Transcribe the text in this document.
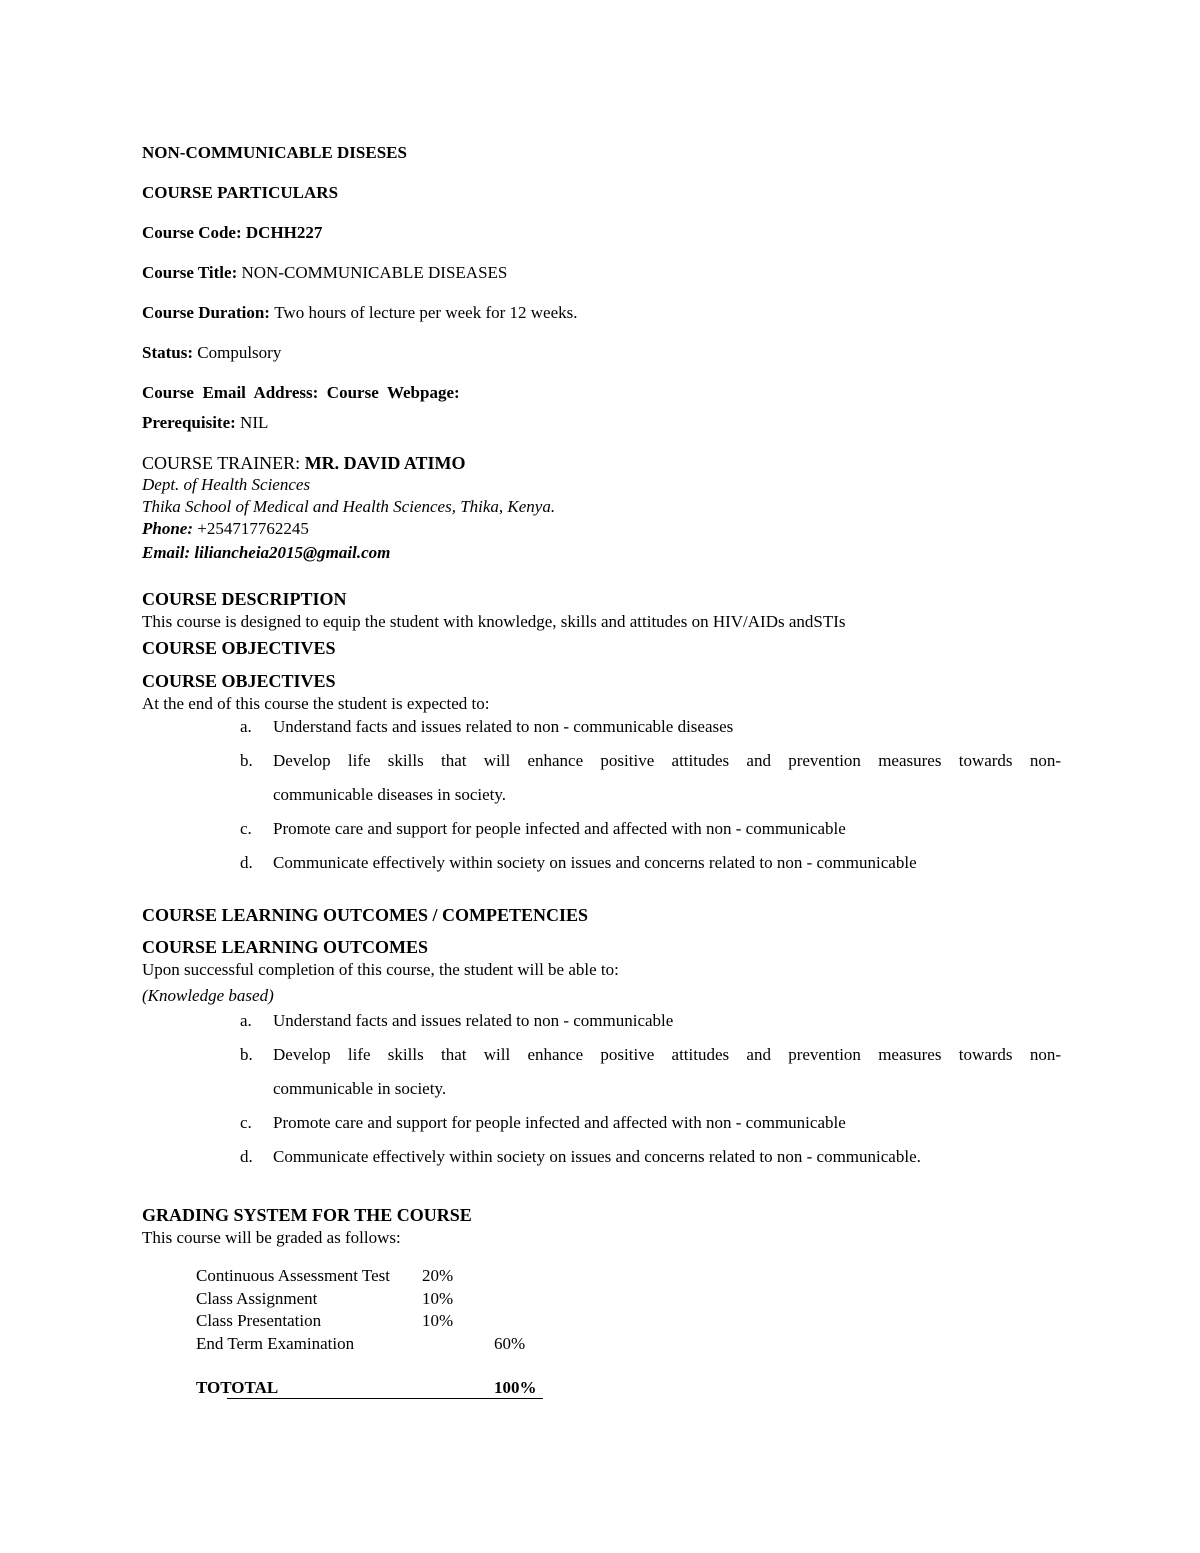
NON-COMMUNICABLE DISESES
COURSE PARTICULARS
Course Code: DCHH227
Course Title: NON-COMMUNICABLE DISEASES
Course Duration: Two hours of lecture per week for 12 weeks.
Status: Compulsory
Course  Email  Address:  Course  Webpage:
Prerequisite: NIL
COURSE TRAINER: MR. DAVID ATIMO
Dept. of Health Sciences
Thika School of Medical and Health Sciences, Thika, Kenya.
Phone: +254717762245
Email: liliancheia2015@gmail.com
COURSE DESCRIPTION
This course is designed to equip the student with knowledge, skills and attitudes on HIV/AIDs andSTIs
COURSE OBJECTIVES
COURSE OBJECTIVES
At the end of this course the student is expected to:
a.	Understand facts and issues related to non - communicable diseases
b.	Develop life skills that will enhance positive attitudes and prevention measures towards non-
communicable diseases in society.
c.	Promote care and support for people infected and affected with non - communicable
d.	Communicate effectively within society on issues and concerns related to non - communicable
COURSE LEARNING OUTCOMES / COMPETENCIES
COURSE LEARNING OUTCOMES
Upon successful completion of this course, the student will be able to:
(Knowledge based)
a.	Understand facts and issues related to non - communicable
b.	Develop life skills that will enhance positive attitudes and prevention measures towards non-
communicable in society.
c.	Promote care and support for people infected and affected with non - communicable
d.	Communicate effectively within society on issues and concerns related to non - communicable.
GRADING SYSTEM FOR THE COURSE
This course will be graded as follows:
Continuous Assessment Test 20%
Class Assignment	10%
Class Presentation	10%
End Term Examination	60%
TOTOTAL	100%
